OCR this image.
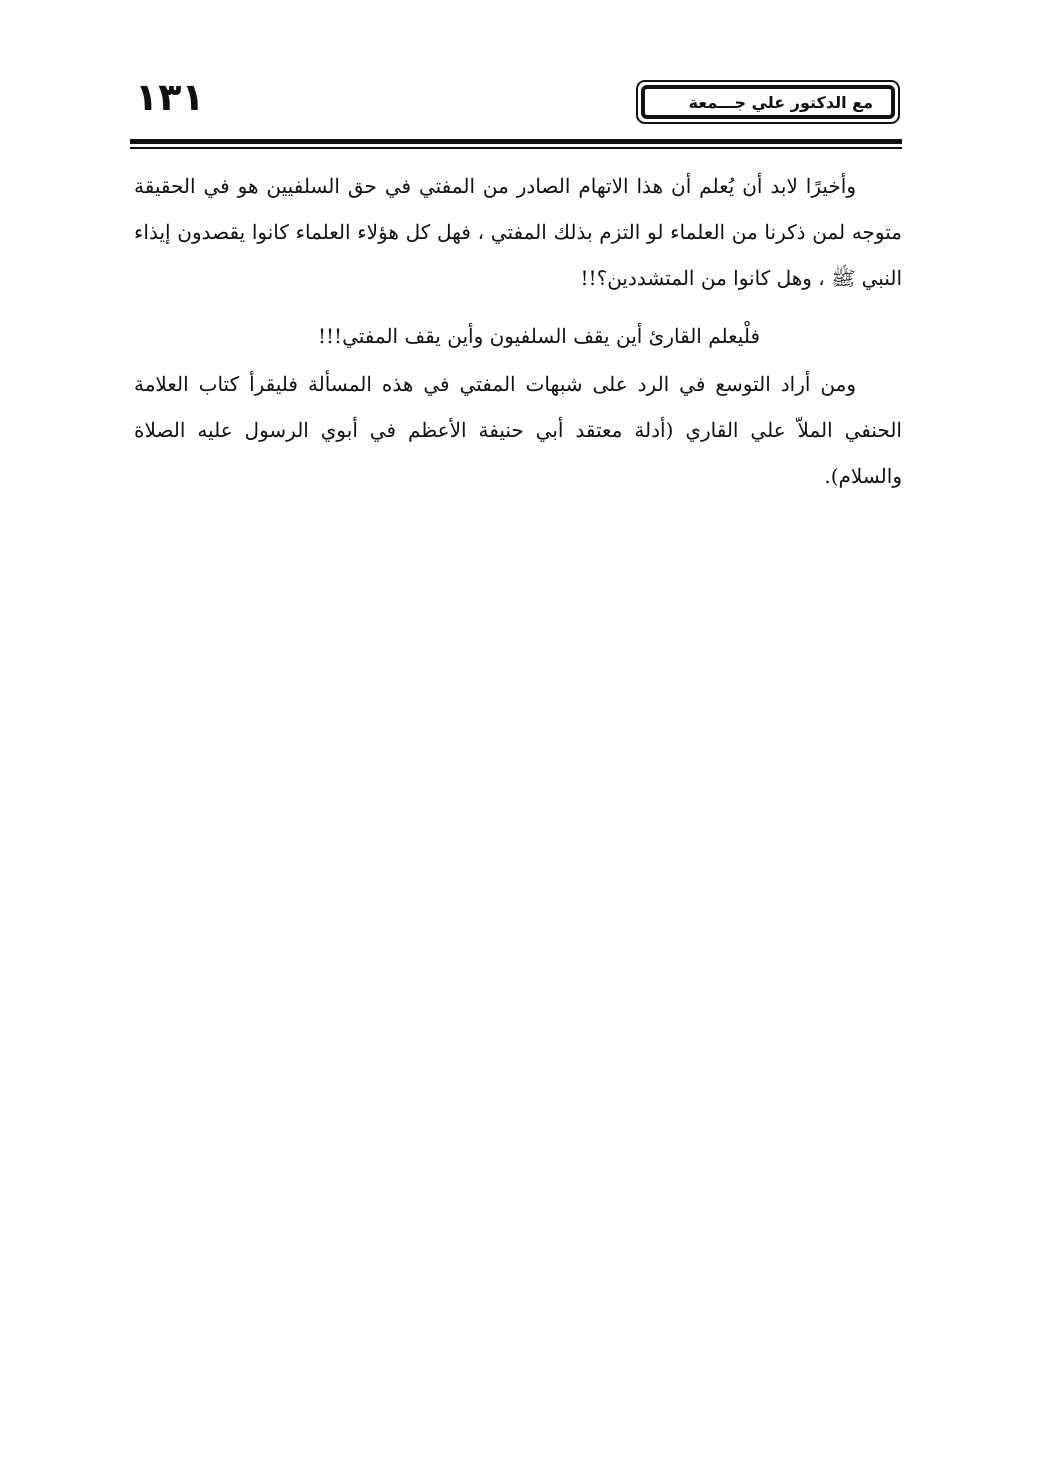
١٣١	مع الدكتور علي جـــمعة
وأخيرًا لابد أن يُعلم أن هذا الاتهام الصادر من المفتي في حق السلفيين هو في الحقيقة متوجه لمن ذكرنا من العلماء لو التزم بذلك المفتي ، فهل كل هؤلاء العلماء كانوا يقصدون إيذاء النبي ﷺ ، وهل كانوا من المتشددين؟!!
فلْيعلم القارئ أين يقف السلفيون وأين يقف المفتي!!!
ومن أراد التوسع في الرد على شبهات المفتي في هذه المسألة فليقرأ كتاب العلامة الحنفي الملاّ علي القاري (أدلة معتقد أبي حنيفة الأعظم في أبوي الرسول عليه الصلاة والسلام).
